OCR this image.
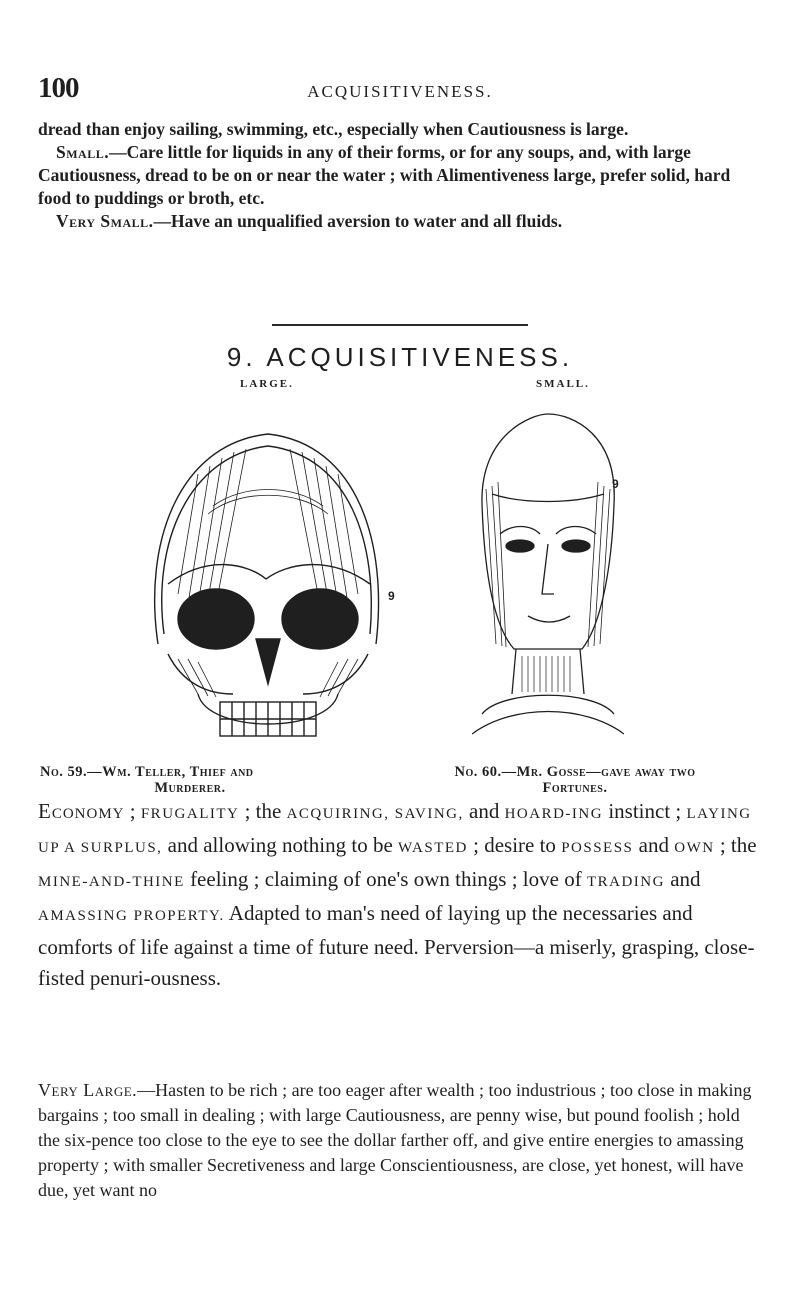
100	ACQUISITIVENESS.

dread than enjoy sailing, swimming, etc., especially when Cautiousness is large.

Small.—Care little for liquids in any of their forms, or for any soups, and, with large Cautiousness, dread to be on or near the water ; with Alimentiveness large, prefer solid, hard food to puddings or broth, etc.

Very Small.—Have an unqualified aversion to water and all fluids.

9. ACQUISITIVENESS.
LARGE.	SMALL.
9
9
No. 59.—Wm. Teller, Thief and
Murderer.
No. 60.—Mr. Gosse—gave away two
Fortunes.

Economy ; FRUGALITY ; the ACQUIRING, SAVING, and HOARD-ING instinct ; LAYING UP A SURPLUS, and allowing nothing to be WASTED ; desire to POSSESS and OWN ; the MINE-AND-THINE feeling ; claiming of one's own things ; love of TRADING and AMASSING PROPERTY. Adapted to man's need of laying up the necessaries and comforts of life against a time of future need. Perversion—a miserly, grasping, close-fisted penuri-ousness.

Very Large.—Hasten to be rich ; are too eager after wealth ; too industrious ; too close in making bargains ; too small in dealing ; with large Cautiousness, are penny wise, but pound foolish ; hold the six-pence too close to the eye to see the dollar farther off, and give entire energies to amassing property ; with smaller Secretiveness and large Conscientiousness, are close, yet honest, will have due, yet want no
